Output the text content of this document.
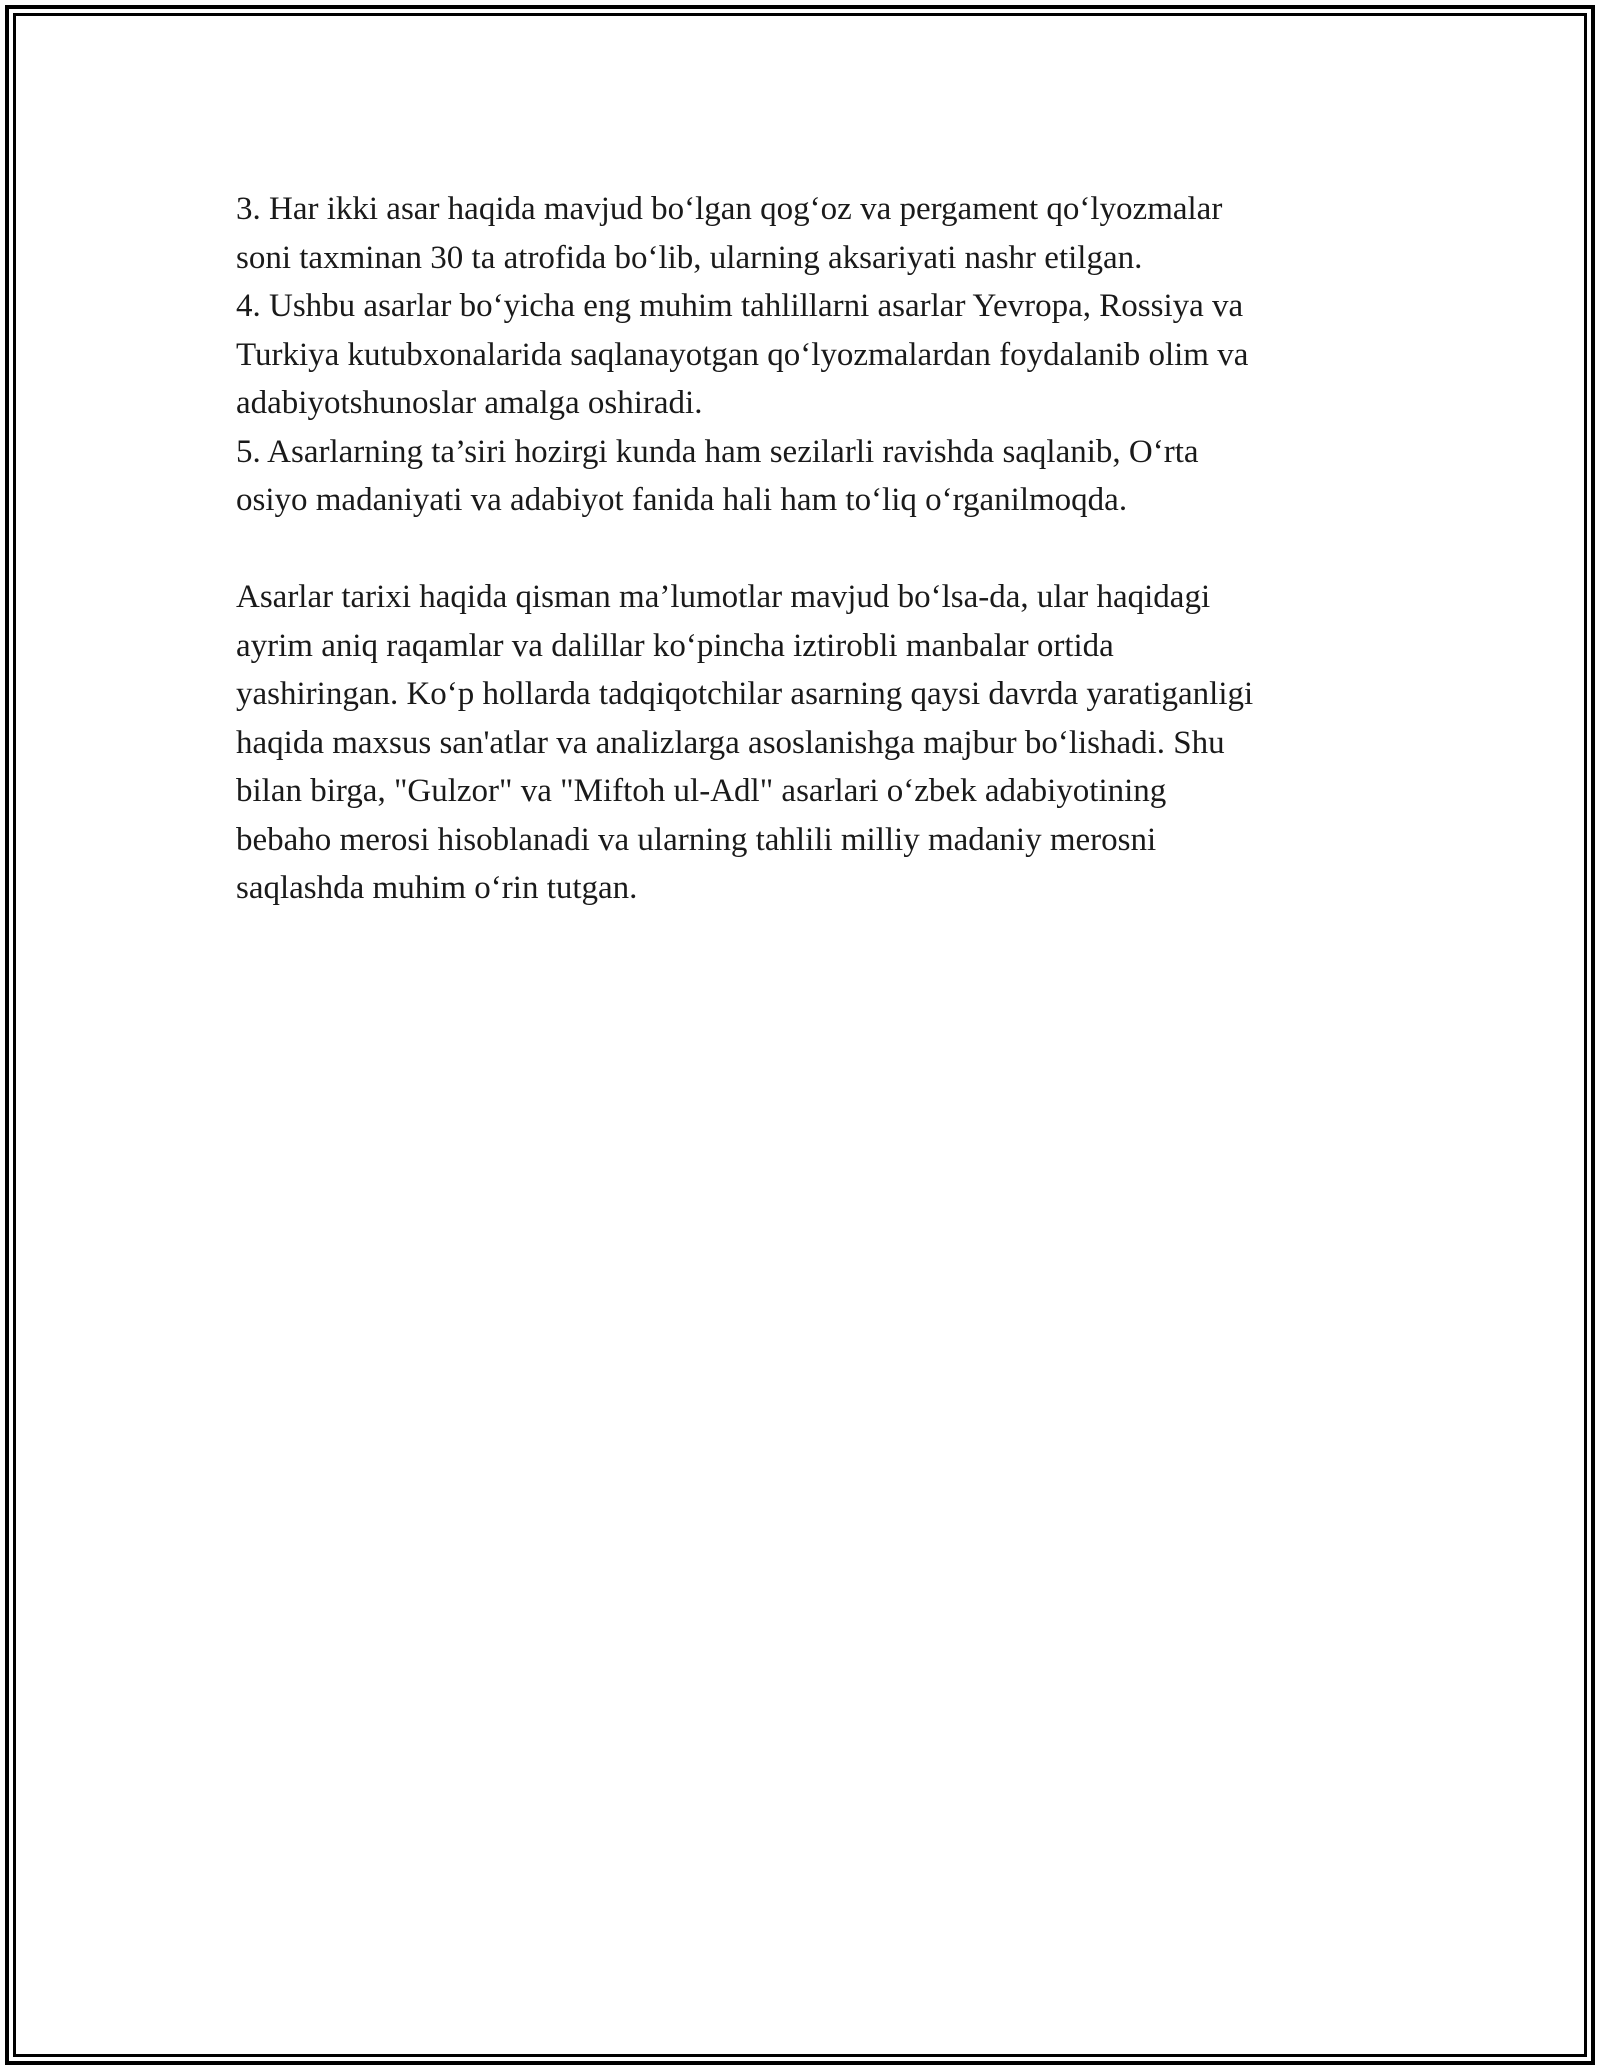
3. Har ikki asar haqida mavjud bo‘lgan qog‘oz va pergament qo‘lyozmalar
soni taxminan 30 ta atrofida bo‘lib, ularning aksariyati nashr etilgan.
4. Ushbu asarlar bo‘yicha eng muhim tahlillarni asarlar Yevropa, Rossiya va
Turkiya kutubxonalarida saqlanayotgan qo‘lyozmalardan foydalanib olim va
adabiyotshunoslar amalga oshiradi.
5. Asarlarning ta’siri hozirgi kunda ham sezilarli ravishda saqlanib, O‘rta
osiyo madaniyati va adabiyot fanida hali ham to‘liq o‘rganilmoqda.
Asarlar tarixi haqida qisman ma’lumotlar mavjud bo‘lsa-da, ular haqidagi
ayrim aniq raqamlar va dalillar ko‘pincha iztirobli manbalar ortida
yashiringan. Ko‘p hollarda tadqiqotchilar asarning qaysi davrda yaratiganligi
haqida maxsus san'atlar va analizlarga asoslanishga majbur bo‘lishadi. Shu
bilan birga, "Gulzor" va "Miftoh ul-Adl" asarlari o‘zbek adabiyotining
bebaho merosi hisoblanadi va ularning tahlili milliy madaniy merosni
saqlashda muhim o‘rin tutgan.
